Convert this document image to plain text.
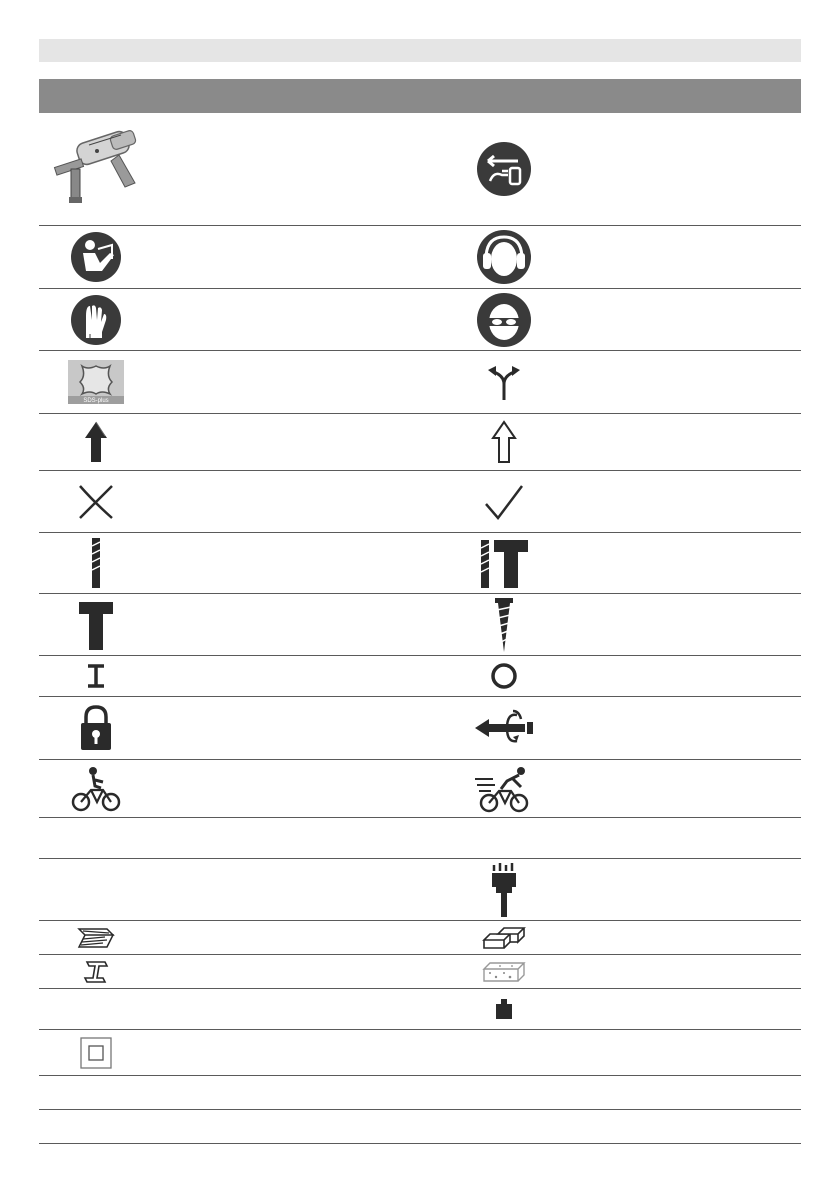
SDS-plus
